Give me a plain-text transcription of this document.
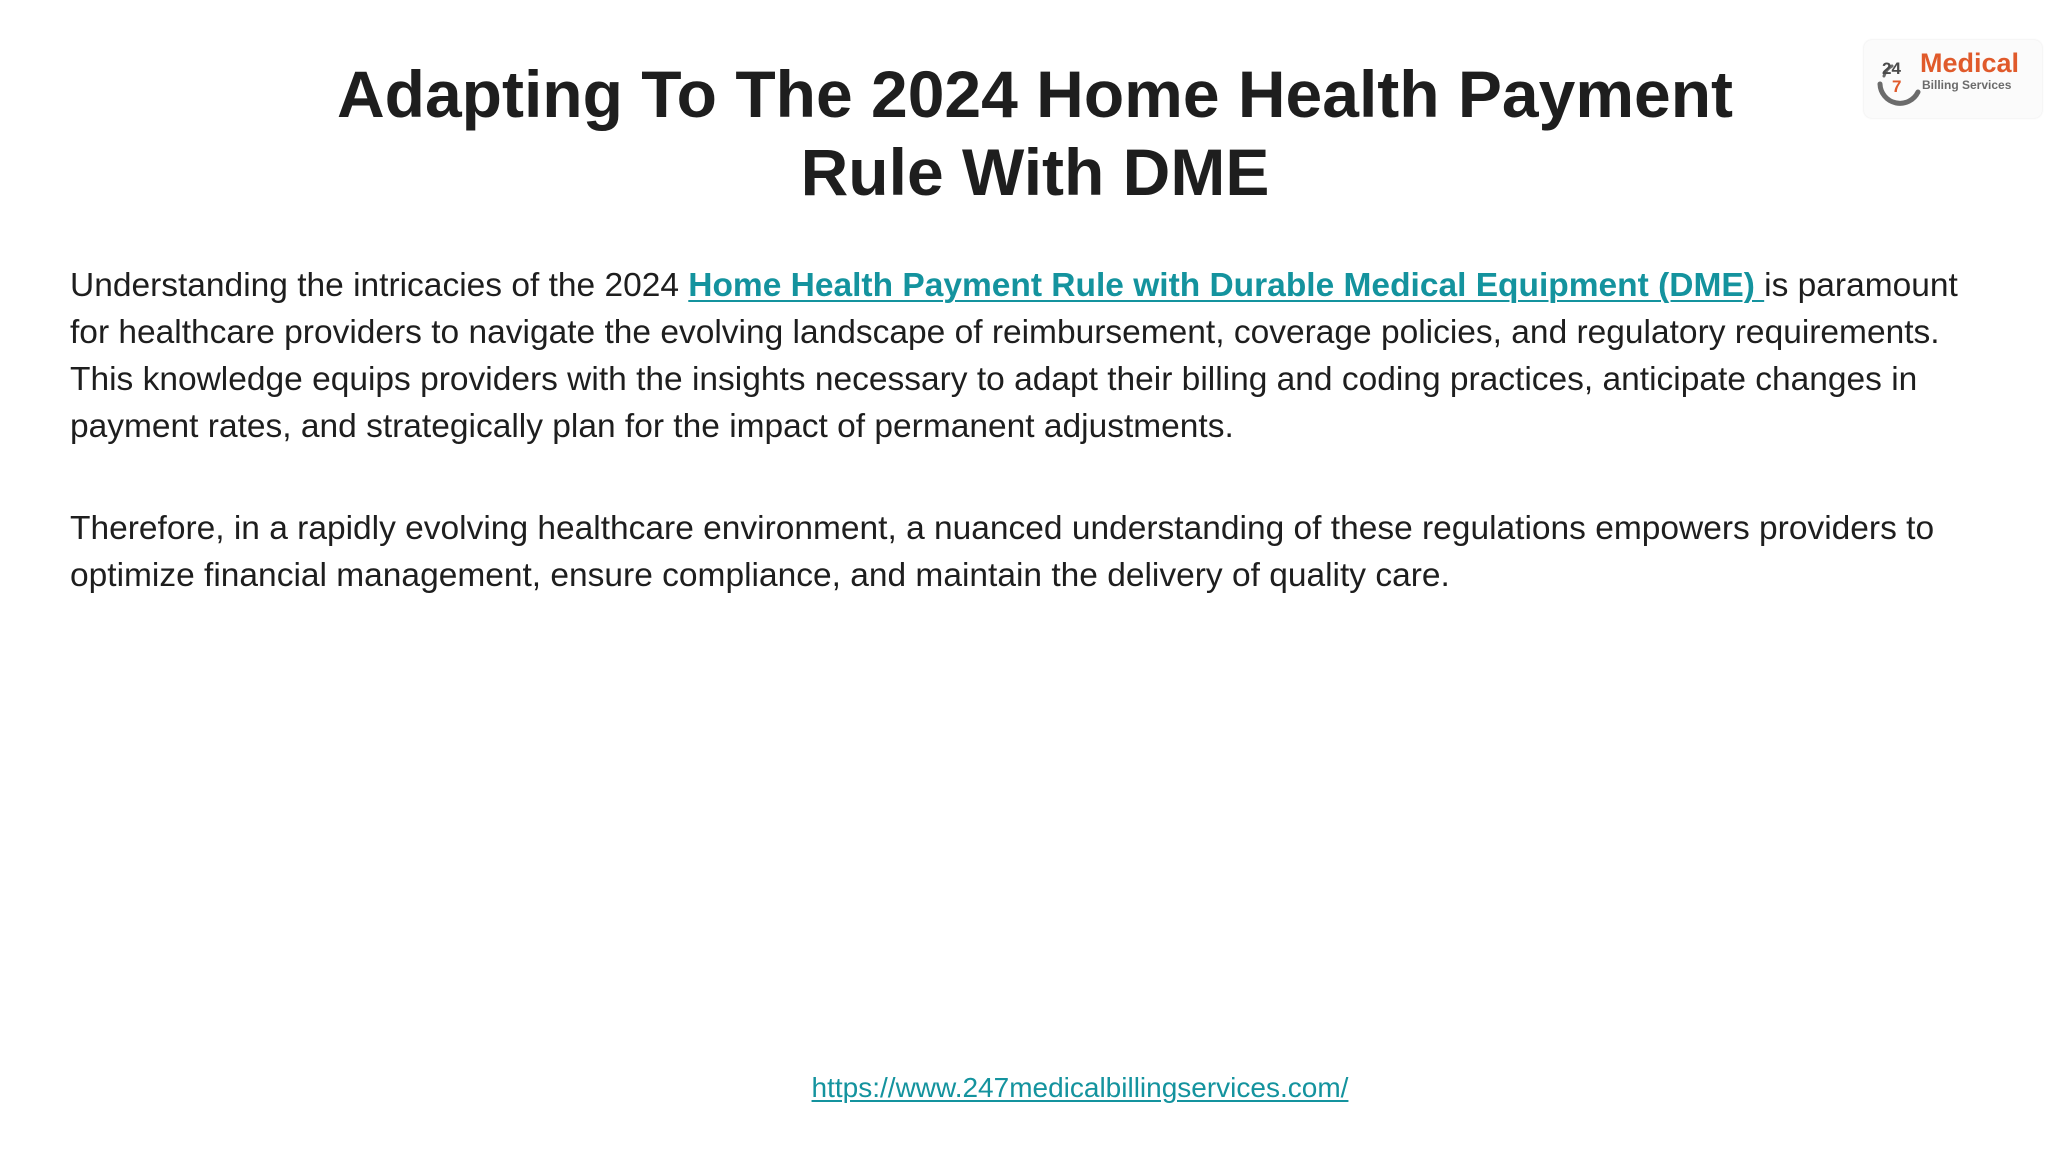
Adapting To The 2024 Home Health Payment
Rule With DME
24
7
Medical
Billing Services

Understanding the intricacies of the 2024 Home Health Payment Rule with Durable Medical Equipment (DME) is paramount for healthcare providers to navigate the evolving landscape of reimbursement, coverage policies, and regulatory requirements. This knowledge equips providers with the insights necessary to adapt their billing and coding practices, anticipate changes in payment rates, and strategically plan for the impact of permanent adjustments.

Therefore, in a rapidly evolving healthcare environment, a nuanced understanding of these regulations empowers providers to optimize financial management, ensure compliance, and maintain the delivery of quality care.

https://www.247medicalbillingservices.com/
